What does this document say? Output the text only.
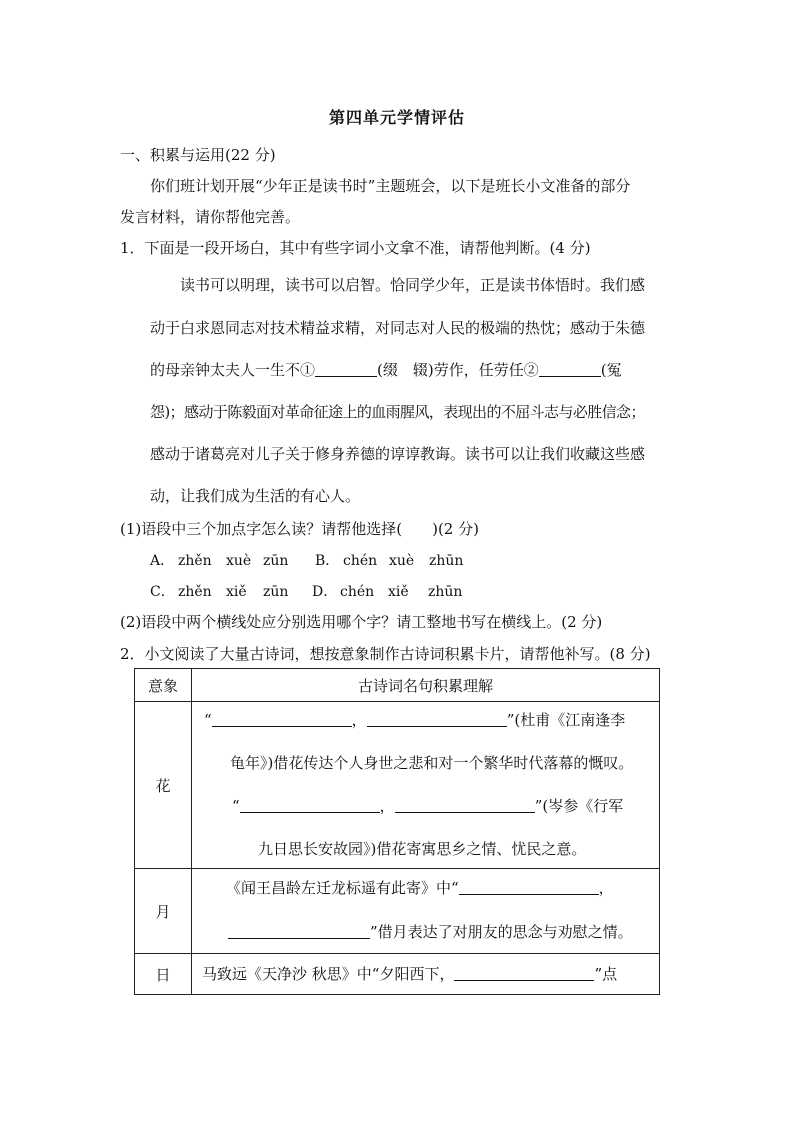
第四单元学情评估
一、积累与运用(22 分)
你们班计划开展“少年正是读书时”主题班会，以下是班长小文准备的部分
发言材料，请你帮他完善。
1．下面是一段开场白，其中有些字词小文拿不准，请帮他判断。(4 分)
读书可以明理，读书可以启智。恰同学少年，正是读书体悟时。我们感
动于白求恩同志对技术精益求精，对同志对人民的极端的热忱；感动于朱德
的母亲钟太夫人一生不①	(缀　辍)劳作，任劳任②	(冤
怨)；感动于陈毅面对革命征途上的血雨腥风，表现出的不屈斗志与必胜信念；
感动于诸葛亮对儿子关于修身养德的谆谆教诲。读书可以让我们收藏这些感
动，让我们成为生活的有心人。
(1)语段中三个加点字怎么读？请帮他选择(　　)(2 分)
A． zhěn xuè zūn	B． chén xuè zhūn
C． zhěn xiě zūn	D． chén xiě zhūn
(2)语段中两个横线处应分别选用哪个字？请工整地书写在横线上。(2 分)
2．小文阅读了大量古诗词，想按意象制作古诗词积累卡片，请帮他补写。(8 分)
意象	古诗词名句积累理解
花	“ ， ”(杜甫《江南逢李
龟年》)借花传达个人身世之悲和对一个繁华时代落幕的慨叹。
“ ， ”(岑参《行军
九日思长安故园》)借花寄寓思乡之情、忧民之意。

月	《闻王昌龄左迁龙标遥有此寄》中“ ，
”借月表达了对朋友的思念与劝慰之情。

日	马致远《天净沙 秋思》中“夕阳西下， ”点
